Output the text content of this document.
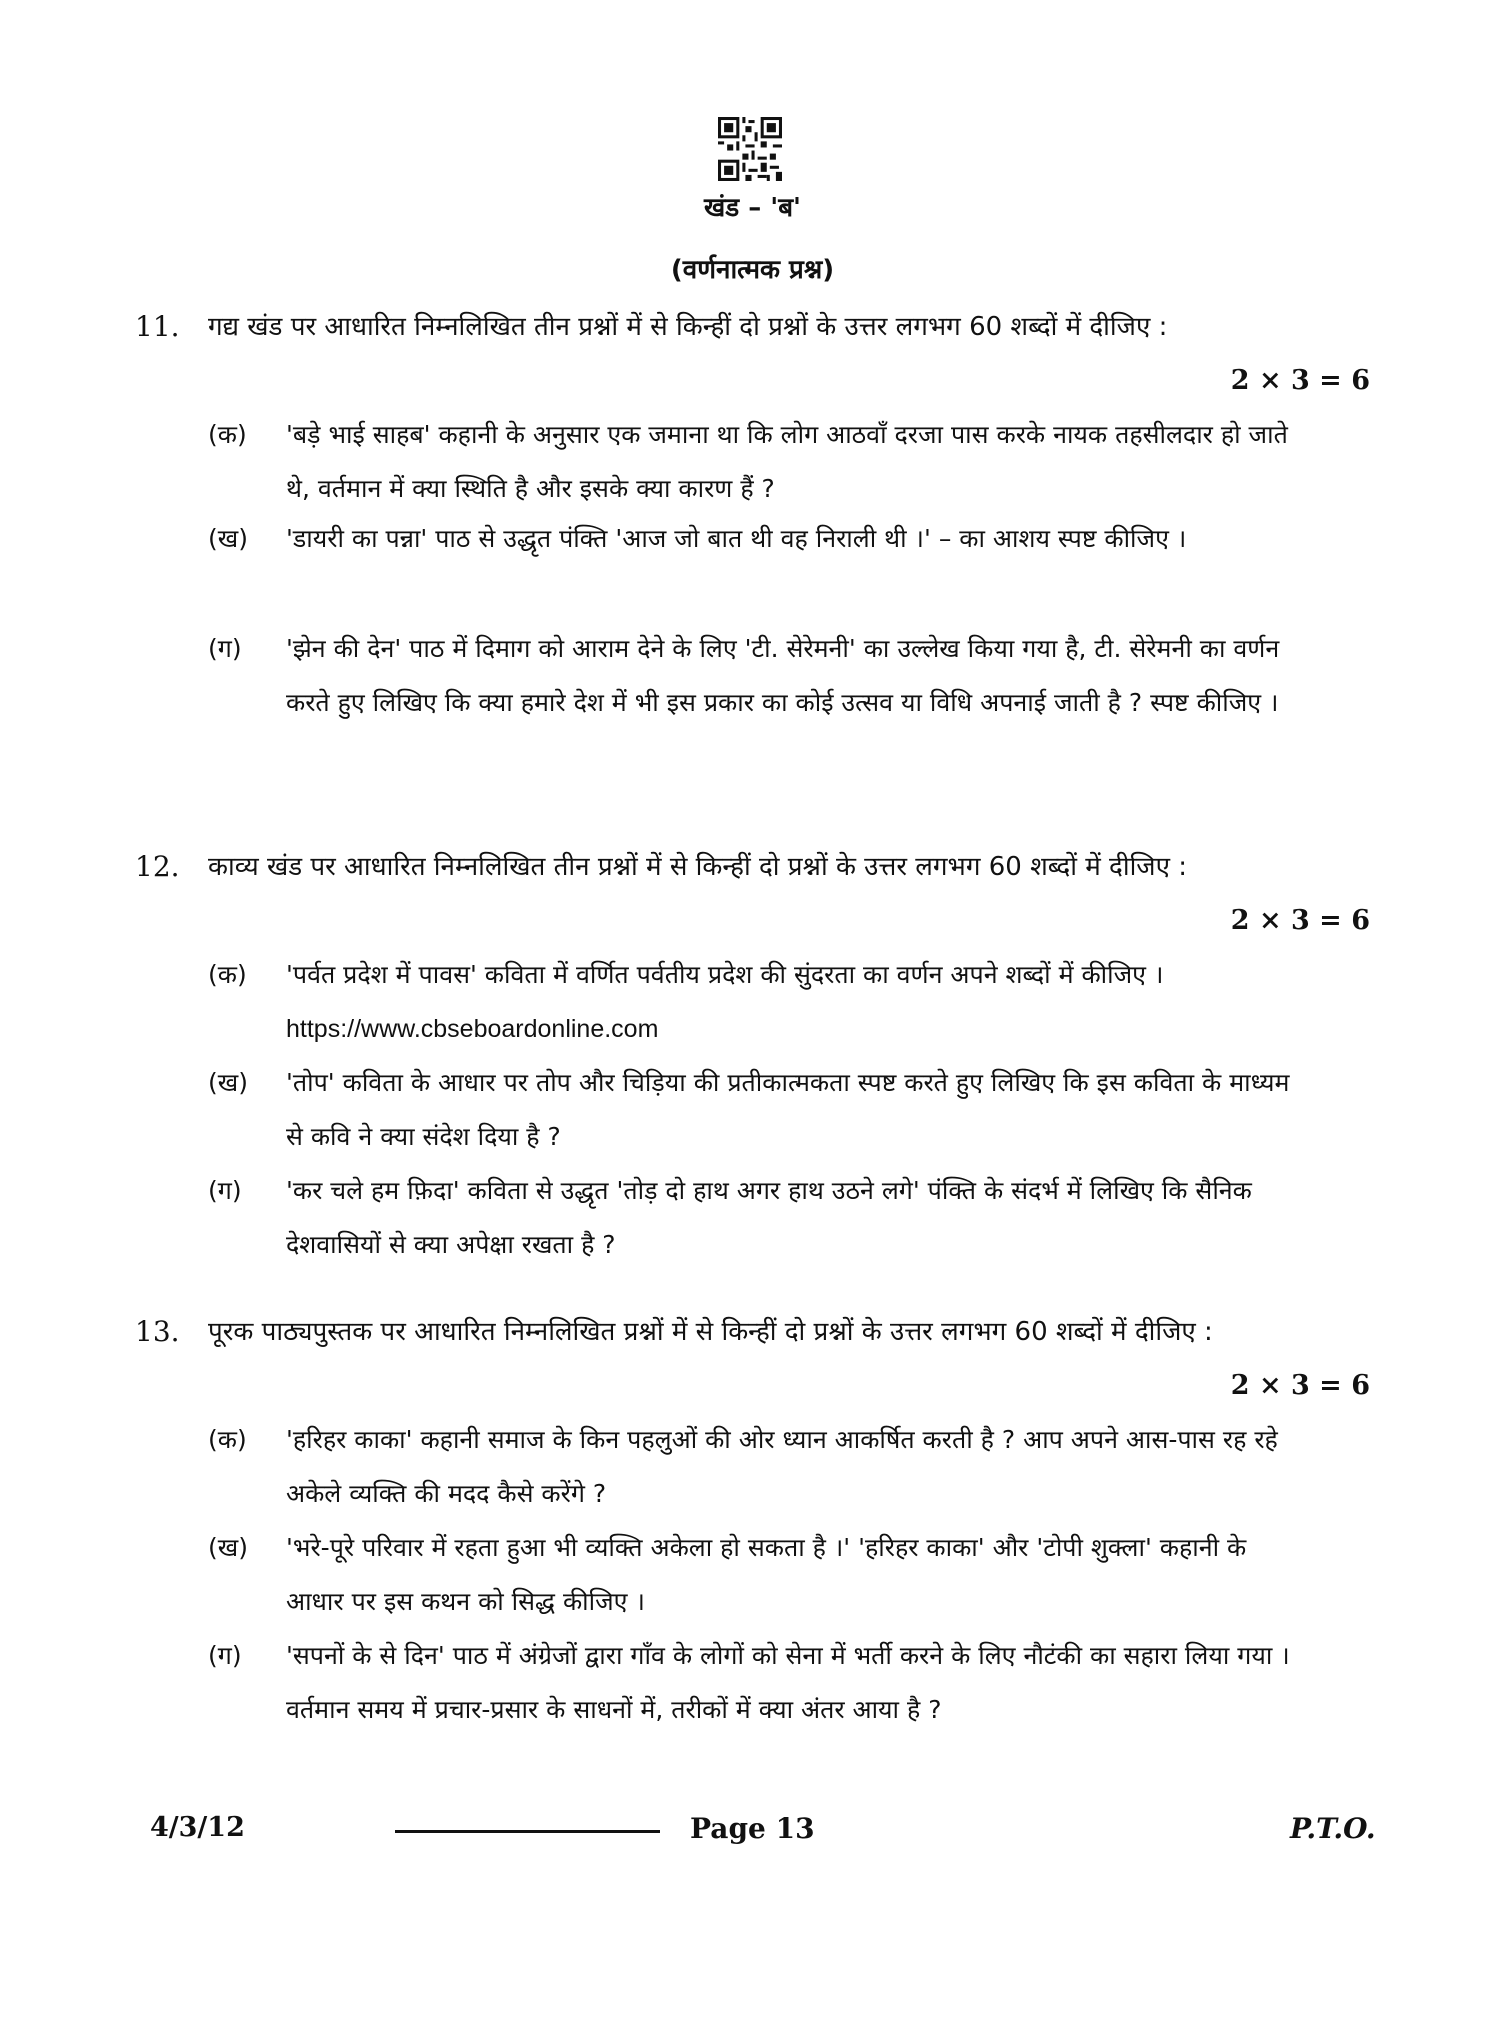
खंड – 'ब'
(वर्णनात्मक प्रश्न)
11. गद्य खंड पर आधारित निम्नलिखित तीन प्रश्नों में से किन्हीं दो प्रश्नों के उत्तर लगभग 60 शब्दों में दीजिए :
2 × 3 = 6
(क) 'बड़े भाई साहब' कहानी के अनुसार एक जमाना था कि लोग आठवाँ दरजा पास करके नायक तहसीलदार हो जाते थे, वर्तमान में क्या स्थिति है और इसके क्या कारण हैं ?
(ख) 'डायरी का पन्ना' पाठ से उद्धृत पंक्ति 'आज जो बात थी वह निराली थी ।' – का आशय स्पष्ट कीजिए ।
(ग) 'झेन की देन' पाठ में दिमाग को आराम देने के लिए 'टी. सेरेमनी' का उल्लेख किया गया है, टी. सेरेमनी का वर्णन करते हुए लिखिए कि क्या हमारे देश में भी इस प्रकार का कोई उत्सव या विधि अपनाई जाती है ? स्पष्ट कीजिए ।
12. काव्य खंड पर आधारित निम्नलिखित तीन प्रश्नों में से किन्हीं दो प्रश्नों के उत्तर लगभग 60 शब्दों में दीजिए :
2 × 3 = 6
(क) 'पर्वत प्रदेश में पावस' कविता में वर्णित पर्वतीय प्रदेश की सुंदरता का वर्णन अपने शब्दों में कीजिए । https://www.cbseboardonline.com
(ख) 'तोप' कविता के आधार पर तोप और चिड़िया की प्रतीकात्मकता स्पष्ट करते हुए लिखिए कि इस कविता के माध्यम से कवि ने क्या संदेश दिया है ?
(ग) 'कर चले हम फ़िदा' कविता से उद्धृत 'तोड़ दो हाथ अगर हाथ उठने लगे' पंक्ति के संदर्भ में लिखिए कि सैनिक देशवासियों से क्या अपेक्षा रखता है ?
13. पूरक पाठ्यपुस्तक पर आधारित निम्नलिखित प्रश्नों में से किन्हीं दो प्रश्नों के उत्तर लगभग 60 शब्दों में दीजिए :
2 × 3 = 6
(क) 'हरिहर काका' कहानी समाज के किन पहलुओं की ओर ध्यान आकर्षित करती है ? आप अपने आस-पास रह रहे अकेले व्यक्ति की मदद कैसे करेंगे ?
(ख) 'भरे-पूरे परिवार में रहता हुआ भी व्यक्ति अकेला हो सकता है ।' 'हरिहर काका' और 'टोपी शुक्ला' कहानी के आधार पर इस कथन को सिद्ध कीजिए ।
(ग) 'सपनों के से दिन' पाठ में अंग्रेजों द्वारा गाँव के लोगों को सेना में भर्ती करने के लिए नौटंकी का सहारा लिया गया । वर्तमान समय में प्रचार-प्रसार के साधनों में, तरीकों में क्या अंतर आया है ?
4/3/12	Page 13	P.T.O.
